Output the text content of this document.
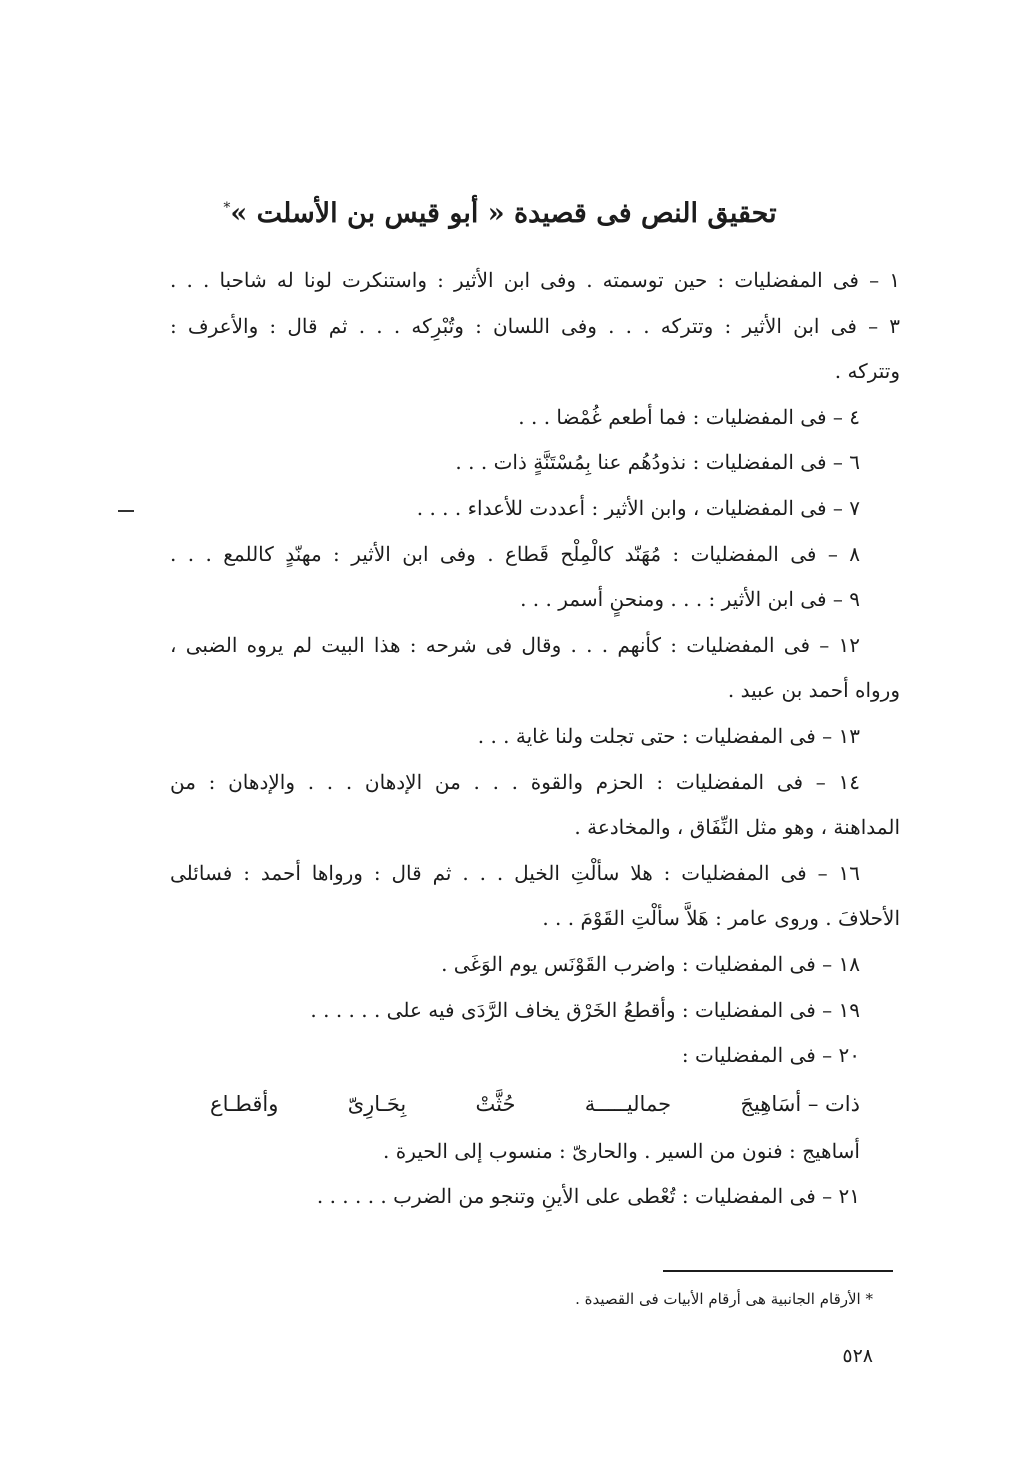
تحقيق النص فى قصيدة « أبو قيس بن الأسلت »*
١ – فى المفضليات : حين توسمته . وفى ابن الأثير : واستنكرت لونا له شاحبا . . .
٣ – فى ابن الأثير : وتتركه . . . وفى اللسان : وتُبْرِكه . . . ثم قال : والأعرف :
وتتركه .
٤ – فى المفضليات : فما أطعم غُمْضا . . .
٦ – فى المفضليات : نذودُهُم عنا بِمُسْتَنَّةٍ ذات . . .
٧ – فى المفضليات ، وابن الأثير : أعددت للأعداء . . . .
٨ – فى المفضليات : مُهَنّد كالْمِلْح قَطاع . وفى ابن الأثير : مهنّدٍ كاللمع . . .
٩ – فى ابن الأثير : . . . ومنحنٍ أسمر . . .
١٢ – فى المفضليات : كأنهم . . . وقال فى شرحه : هذا البيت لم يروه الضبى ،
ورواه أحمد بن عبيد .
١٣ – فى المفضليات : حتى تجلت ولنا غاية . . .
١٤ – فى المفضليات : الحزم والقوة . . . من الإدهان . . . والإدهان : من
المداهنة ، وهو مثل النِّفَاق ، والمخادعة .
١٦ – فى المفضليات : هلا سألْتِ الخيل . . . ثم قال : ورواها أحمد : فسائلى
الأحلافَ . وروى عامر : هَلاَّ سألْتِ القَوْمَ . . .
١٨ – فى المفضليات : واضرب القَوْنَس يوم الوَغَى .
١٩ – فى المفضليات : وأقطعُ الخَرْق يخاف الرَّدَى فيه على . . . . . .
٢٠ – فى المفضليات :
ذات – أسَاهِيجَ
جماليـــــة
حُثَّتْ
بِحَـارِىّ
وأقطـاع
أساهيج : فنون من السير . والحارىّ : منسوب إلى الحيرة .
٢١ – فى المفضليات : تُعْطى على الأينِ وتنجو من الضرب . . . . . .
* الأرقام الجانبية هى أرقام الأبيات فى القصيدة .
٥٢٨
